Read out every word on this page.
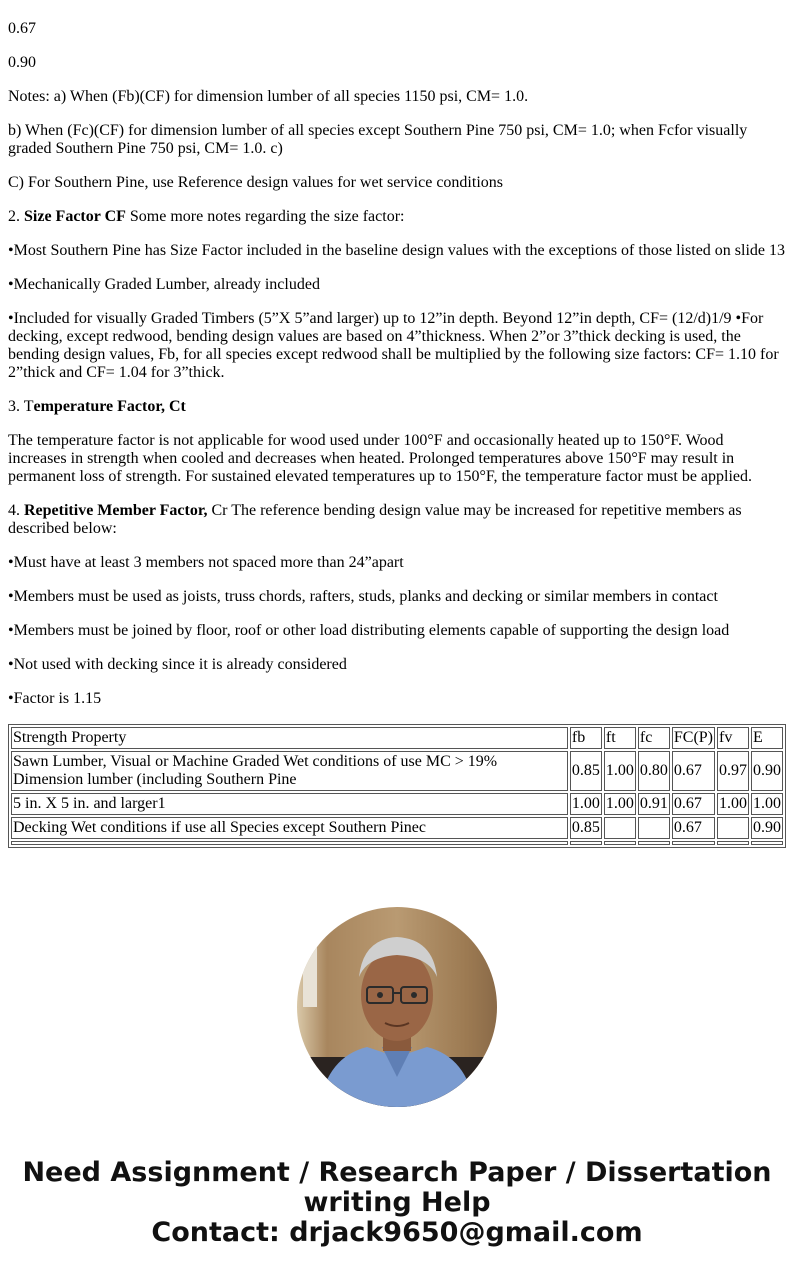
0.67

0.90

Notes: a) When (Fb)(CF) for dimension lumber of all species 1150 psi, CM= 1.0.

b) When (Fc)(CF) for dimension lumber of all species except Southern Pine 750 psi, CM= 1.0; when Fcfor visually graded Southern Pine 750 psi, CM= 1.0. c)

C) For Southern Pine, use Reference design values for wet service conditions

2. Size Factor CF Some more notes regarding the size factor:

•Most Southern Pine has Size Factor included in the baseline design values with the exceptions of those listed on slide 13

•Mechanically Graded Lumber, already included

•Included for visually Graded Timbers (5”X 5”and larger) up to 12”in depth. Beyond 12”in depth, CF= (12/d)1/9 •For decking, except redwood, bending design values are based on 4”thickness. When 2”or 3”thick decking is used, the bending design values, Fb, for all species except redwood shall be multiplied by the following size factors: CF= 1.10 for 2”thick and CF= 1.04 for 3”thick.

3. Temperature Factor, Ct

The temperature factor is not applicable for wood used under 100°F and occasionally heated up to 150°F. Wood increases in strength when cooled and decreases when heated. Prolonged temperatures above 150°F may result in permanent loss of strength. For sustained elevated temperatures up to 150°F, the temperature factor must be applied.

4. Repetitive Member Factor, Cr The reference bending design value may be increased for repetitive members as described below:

•Must have at least 3 members not spaced more than 24”apart

•Members must be used as joists, truss chords, rafters, studs, planks and decking or similar members in contact

•Members must be joined by floor, roof or other load distributing elements capable of supporting the design load

•Not used with decking since it is already considered

•Factor is 1.15

Strength Property	fb	ft	fc	FC(P)	fv	E
Sawn Lumber, Visual or Machine Graded Wet conditions of use MC > 19% Dimension lumber (including Southern Pine	0.85	1.00	0.80	0.67	0.97	0.90
5 in. X 5 in. and larger1	1.00	1.00	0.91	0.67	1.00	1.00
Decking Wet conditions if use all Species except Southern Pinec	0.85			0.67		0.90

Need Assignment / Research Paper / Dissertation writing Help
Contact: drjack9650@gmail.com
